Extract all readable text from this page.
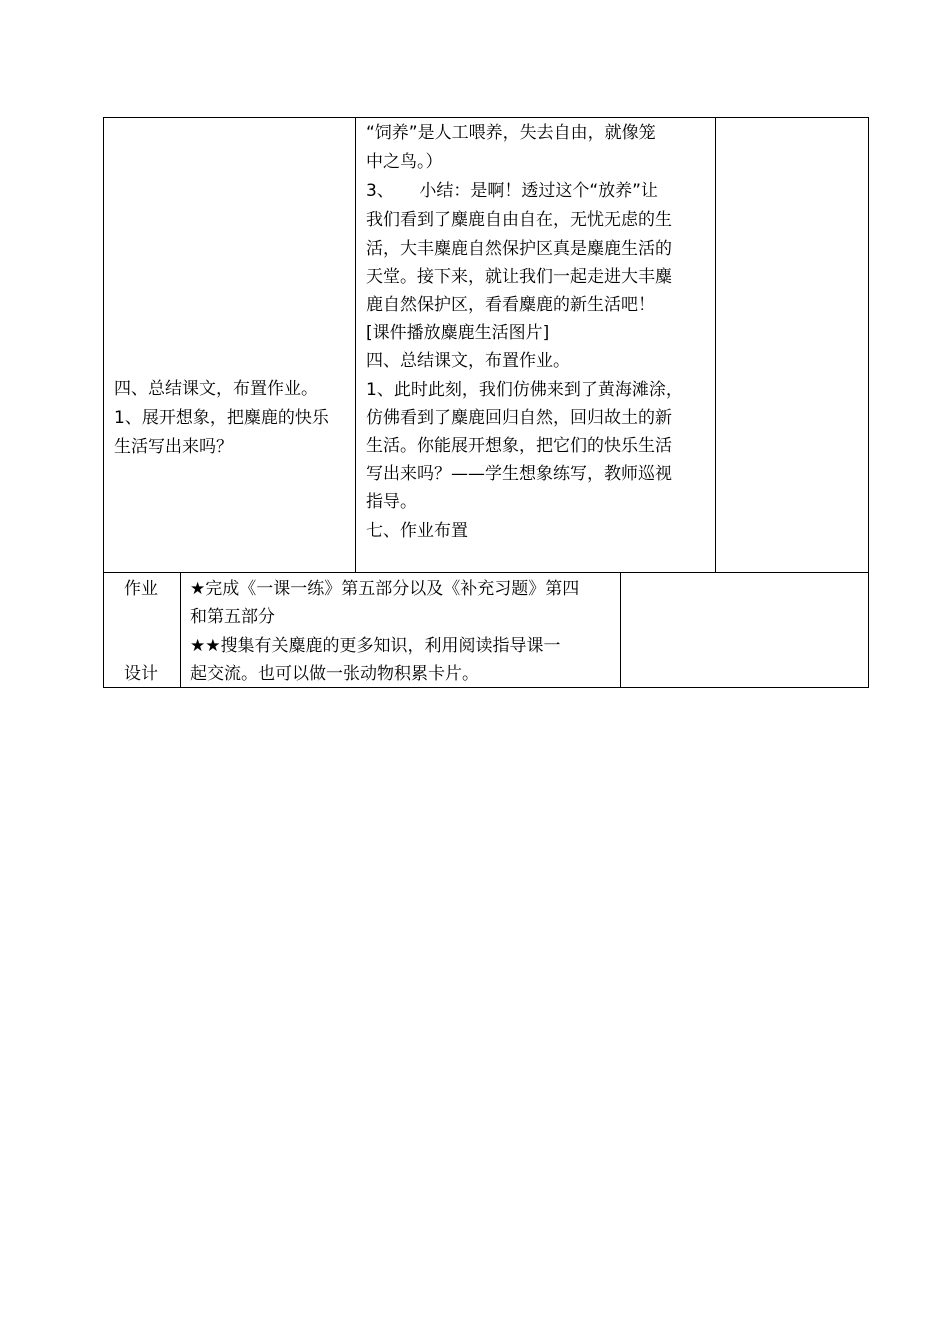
四、总结课文，布置作业。
1、展开想象，把麋鹿的快乐
生活写出来吗？
“饲养”是人工喂养，失去自由，就像笼
中之鸟。）
3、　　小结：是啊！透过这个“放养”让
我们看到了麋鹿自由自在，无忧无虑的生
活，大丰麋鹿自然保护区真是麋鹿生活的
天堂。接下来，就让我们一起走进大丰麋
鹿自然保护区，看看麋鹿的新生活吧！
[课件播放麋鹿生活图片]
四、总结课文，布置作业。
1、此时此刻，我们仿佛来到了黄海滩涂，
仿佛看到了麋鹿回归自然，回归故土的新
生活。你能展开想象，把它们的快乐生活
写出来吗？——学生想象练写，教师巡视
指导。
七、作业布置
作业
设计
★完成《一课一练》第五部分以及《补充习题》第四
和第五部分
★★搜集有关麋鹿的更多知识，利用阅读指导课一
起交流。也可以做一张动物积累卡片。
